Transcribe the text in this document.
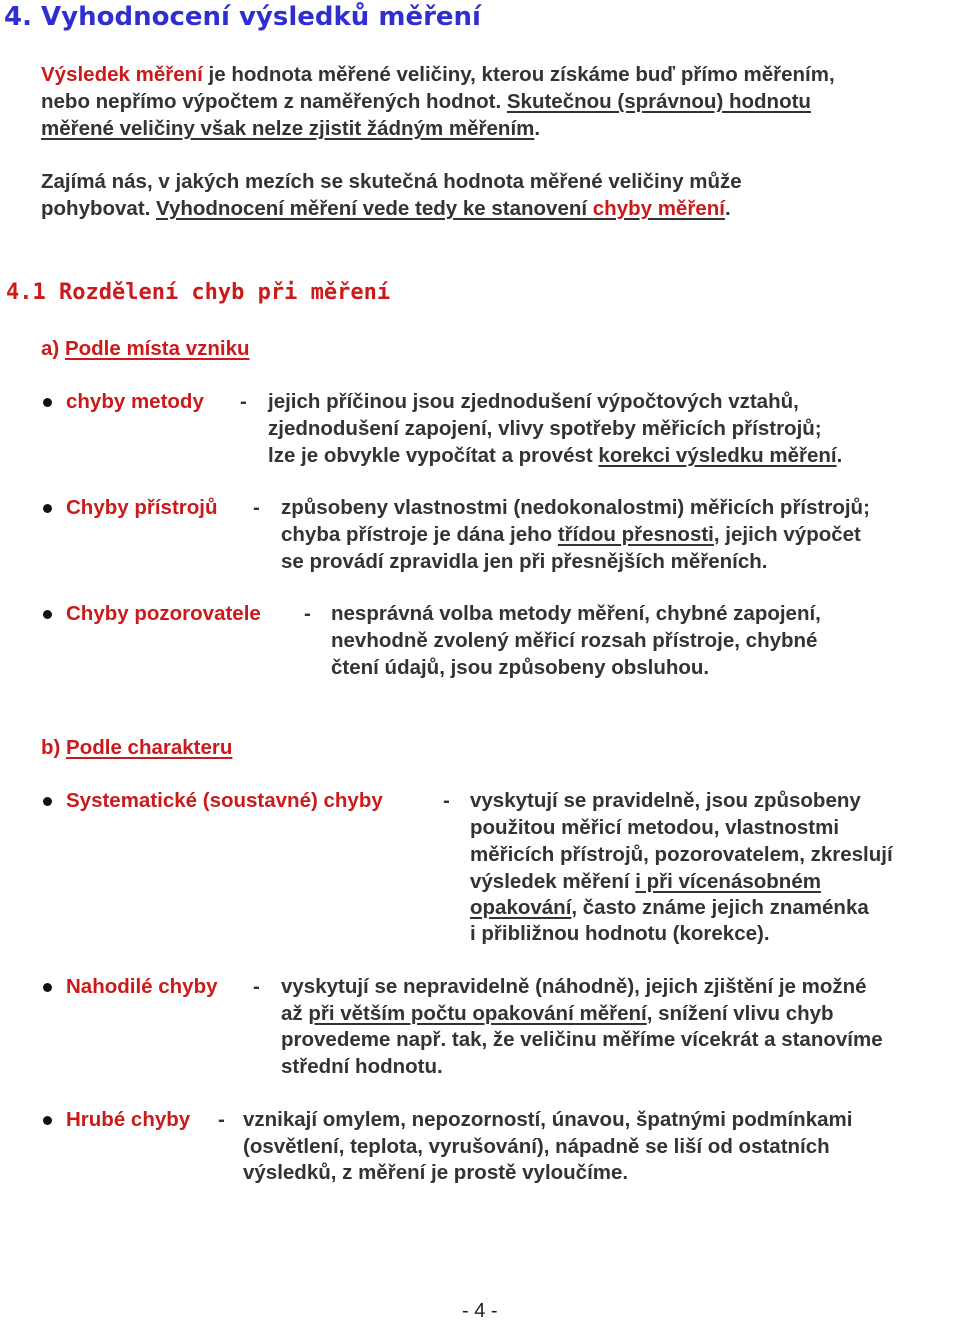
4. Vyhodnocení výsledků měření
Výsledek měření je hodnota měřené veličiny, kterou získáme buď přímo měřením,
nebo nepřímo výpočtem z naměřených hodnot. Skutečnou (správnou) hodnotu
měřené veličiny však nelze zjistit žádným měřením.
Zajímá nás, v jakých mezích se skutečná hodnota měřené veličiny může
pohybovat. Vyhodnocení měření vede tedy ke stanovení chyby měření.
4.1 Rozdělení chyb při měření
a) Podle místa vzniku
chyby metody - jejich příčinou jsou zjednodušení výpočtových vztahů,
zjednodušení zapojení, vlivy spotřeby měřicích přístrojů;
lze je obvykle vypočítat a provést korekci výsledku měření.
Chyby přístrojů - způsobeny vlastnostmi (nedokonalostmi) měřicích přístrojů;
chyba přístroje je dána jeho třídou přesnosti, jejich výpočet
se provádí zpravidla jen při přesnějších měřeních.
Chyby pozorovatele - nesprávná volba metody měření, chybné zapojení,
nevhodně zvolený měřicí rozsah přístroje, chybné
čtení údajů, jsou způsobeny obsluhou.
b) Podle charakteru
Systematické (soustavné) chyby	- vyskytují se pravidelně, jsou způsobeny
použitou měřicí metodou, vlastnostmi
měřicích přístrojů, pozorovatelem, zkreslují
výsledek měření i při vícenásobném
opakování, často známe jejich znaménka
i přibližnou hodnotu (korekce).
Nahodilé chyby - vyskytují se nepravidelně (náhodně), jejich zjištění je možné
až při větším počtu opakování měření, snížení vlivu chyb
provedeme např. tak, že veličinu měříme vícekrát a stanovíme
střední hodnotu.
Hrubé chyby - vznikají omylem, nepozorností, únavou, špatnými podmínkami
(osvětlení, teplota, vyrušování), nápadně se liší od ostatních
výsledků, z měření je prostě vyloučíme.
- 4 -
